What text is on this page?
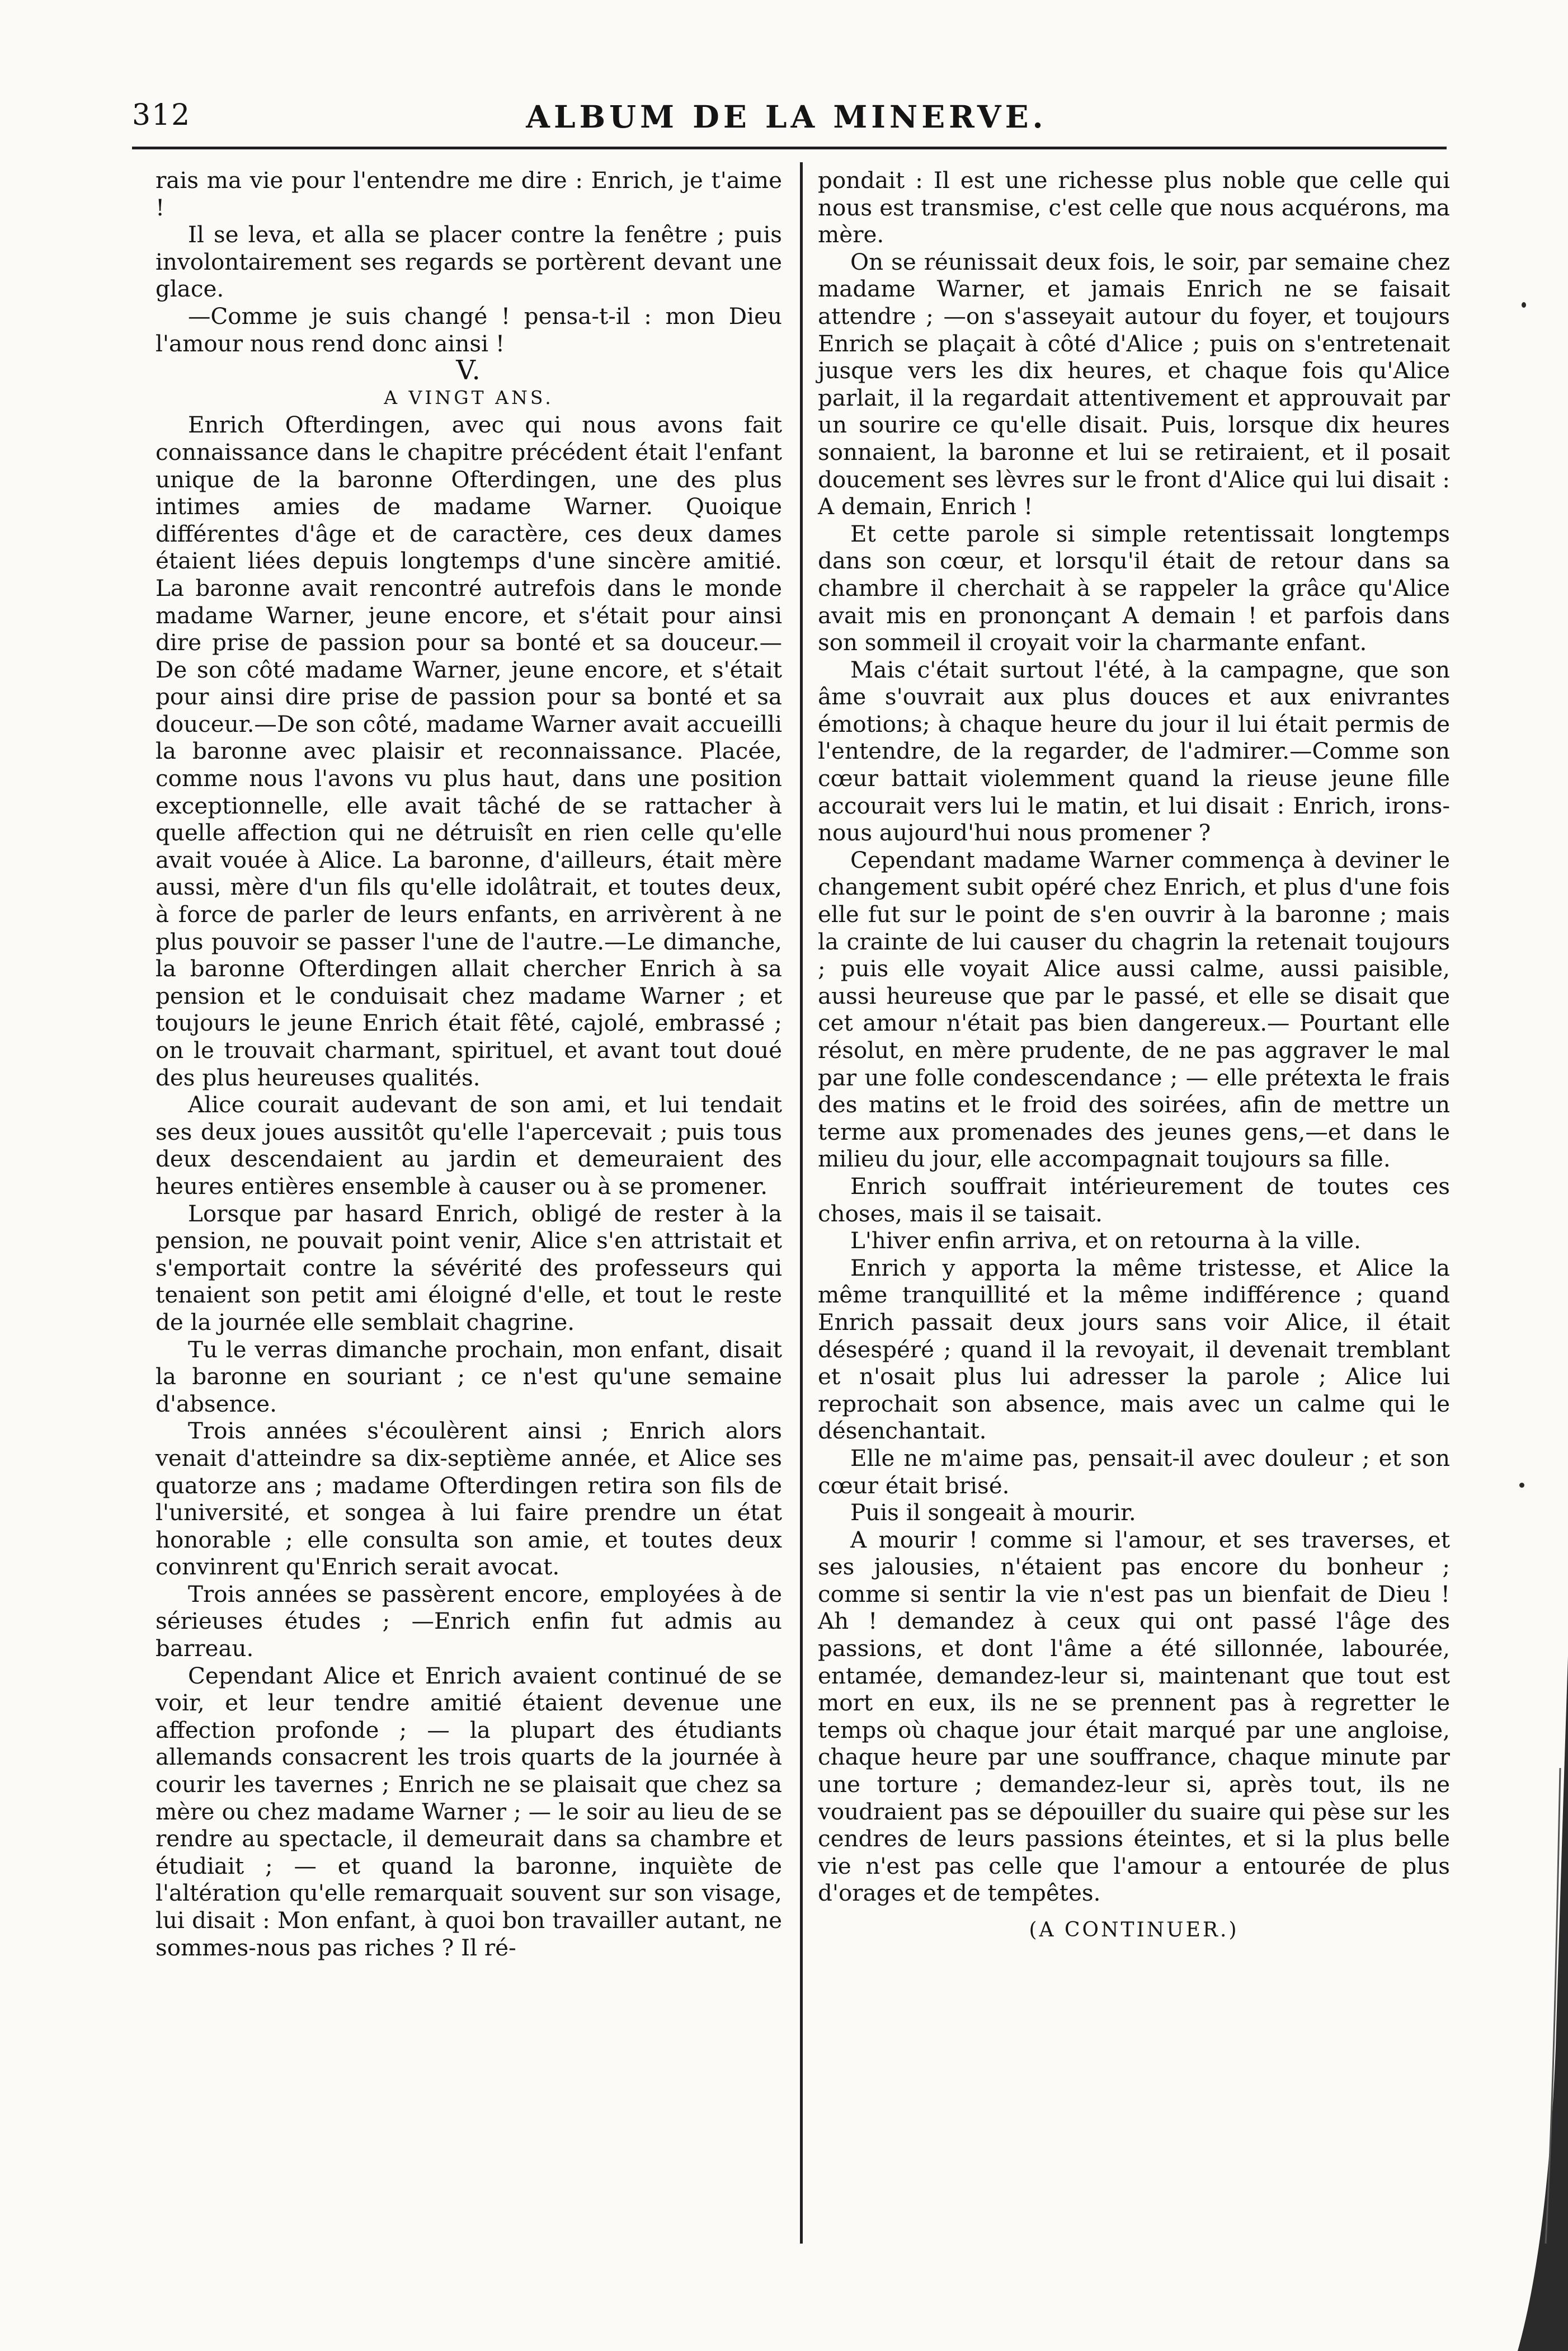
312	ALBUM DE LA MINERVE.

rais ma vie pour l'entendre me dire : Enrich, je t'aime !

Il se leva, et alla se placer contre la fenêtre ; puis involontairement ses regards se portèrent devant une glace.

—Comme je suis changé ! pensa-t-il : mon Dieu l'amour nous rend donc ainsi !

V.

A VINGT ANS.

Enrich Ofterdingen, avec qui nous avons fait connaissance dans le chapitre précédent était l'enfant unique de la baronne Ofterdingen, une des plus intimes amies de madame Warner. Quoique différentes d'âge et de caractère, ces deux dames étaient liées depuis longtemps d'une sincère amitié. La baronne avait rencontré autrefois dans le monde madame Warner, jeune encore, et s'était pour ainsi dire prise de passion pour sa bonté et sa douceur.— De son côté madame Warner, jeune encore, et s'était pour ainsi dire prise de passion pour sa bonté et sa douceur.—De son côté, madame Warner avait accueilli la baronne avec plaisir et reconnaissance. Placée, comme nous l'avons vu plus haut, dans une position exceptionnelle, elle avait tâché de se rattacher à quelle affection qui ne détruisît en rien celle qu'elle avait vouée à Alice. La baronne, d'ailleurs, était mère aussi, mère d'un fils qu'elle idolâtrait, et toutes deux, à force de parler de leurs enfants, en arrivèrent à ne plus pouvoir se passer l'une de l'autre.—Le dimanche, la baronne Ofterdingen allait chercher Enrich à sa pension et le conduisait chez madame Warner ; et toujours le jeune Enrich était fêté, cajolé, embrassé ; on le trouvait charmant, spirituel, et avant tout doué des plus heureuses qualités.

Alice courait audevant de son ami, et lui tendait ses deux joues aussitôt qu'elle l'apercevait ; puis tous deux descendaient au jardin et demeuraient des heures entières ensemble à causer ou à se promener.

Lorsque par hasard Enrich, obligé de rester à la pension, ne pouvait point venir, Alice s'en attristait et s'emportait contre la sévérité des professeurs qui tenaient son petit ami éloigné d'elle, et tout le reste de la journée elle semblait chagrine.

Tu le verras dimanche prochain, mon enfant, disait la baronne en souriant ; ce n'est qu'une semaine d'absence.

Trois années s'écoulèrent ainsi ; Enrich alors venait d'atteindre sa dix-septième année, et Alice ses quatorze ans ; madame Ofterdingen retira son fils de l'université, et songea à lui faire prendre un état honorable ; elle consulta son amie, et toutes deux convinrent qu'Enrich serait avocat.

Trois années se passèrent encore, employées à de sérieuses études ; —Enrich enfin fut admis au barreau.

Cependant Alice et Enrich avaient continué de se voir, et leur tendre amitié étaient devenue une affection profonde ; — la plupart des étudiants allemands consacrent les trois quarts de la journée à courir les tavernes ; Enrich ne se plaisait que chez sa mère ou chez madame Warner ; — le soir au lieu de se rendre au spectacle, il demeurait dans sa chambre et étudiait ; — et quand la baronne, inquiète de l'altération qu'elle remarquait souvent sur son visage, lui disait : Mon enfant, à quoi bon travailler autant, ne sommes-nous pas riches ? Il ré-

pondait : Il est une richesse plus noble que celle qui nous est transmise, c'est celle que nous acquérons, ma mère.

On se réunissait deux fois, le soir, par semaine chez madame Warner, et jamais Enrich ne se faisait attendre ; —on s'asseyait autour du foyer, et toujours Enrich se plaçait à côté d'Alice ; puis on s'entretenait jusque vers les dix heures, et chaque fois qu'Alice parlait, il la regardait attentivement et approuvait par un sourire ce qu'elle disait. Puis, lorsque dix heures sonnaient, la baronne et lui se retiraient, et il posait doucement ses lèvres sur le front d'Alice qui lui disait : A demain, Enrich !

Et cette parole si simple retentissait longtemps dans son cœur, et lorsqu'il était de retour dans sa chambre il cherchait à se rappeler la grâce qu'Alice avait mis en prononçant A demain ! et parfois dans son sommeil il croyait voir la charmante enfant.

Mais c'était surtout l'été, à la campagne, que son âme s'ouvrait aux plus douces et aux enivrantes émotions; à chaque heure du jour il lui était permis de l'entendre, de la regarder, de l'admirer.—Comme son cœur battait violemment quand la rieuse jeune fille accourait vers lui le matin, et lui disait : Enrich, irons-nous aujourd'hui nous promener ?

Cependant madame Warner commença à deviner le changement subit opéré chez Enrich, et plus d'une fois elle fut sur le point de s'en ouvrir à la baronne ; mais la crainte de lui causer du chagrin la retenait toujours ; puis elle voyait Alice aussi calme, aussi paisible, aussi heureuse que par le passé, et elle se disait que cet amour n'était pas bien dangereux.— Pourtant elle résolut, en mère prudente, de ne pas aggraver le mal par une folle condescendance ; — elle prétexta le frais des matins et le froid des soirées, afin de mettre un terme aux promenades des jeunes gens,—et dans le milieu du jour, elle accompagnait toujours sa fille.

Enrich souffrait intérieurement de toutes ces choses, mais il se taisait.

L'hiver enfin arriva, et on retourna à la ville.

Enrich y apporta la même tristesse, et Alice la même tranquillité et la même indifférence ; quand Enrich passait deux jours sans voir Alice, il était désespéré ; quand il la revoyait, il devenait tremblant et n'osait plus lui adresser la parole ; Alice lui reprochait son absence, mais avec un calme qui le désenchantait.

Elle ne m'aime pas, pensait-il avec douleur ; et son cœur était brisé.

Puis il songeait à mourir.

A mourir ! comme si l'amour, et ses traverses, et ses jalousies, n'étaient pas encore du bonheur ; comme si sentir la vie n'est pas un bienfait de Dieu ! Ah ! demandez à ceux qui ont passé l'âge des passions, et dont l'âme a été sillonnée, labourée, entamée, demandez-leur si, maintenant que tout est mort en eux, ils ne se prennent pas à regretter le temps où chaque jour était marqué par une angloise, chaque heure par une souffrance, chaque minute par une torture ; demandez-leur si, après tout, ils ne voudraient pas se dépouiller du suaire qui pèse sur les cendres de leurs passions éteintes, et si la plus belle vie n'est pas celle que l'amour a entourée de plus d'orages et de tempêtes.

(A CONTINUER.)
